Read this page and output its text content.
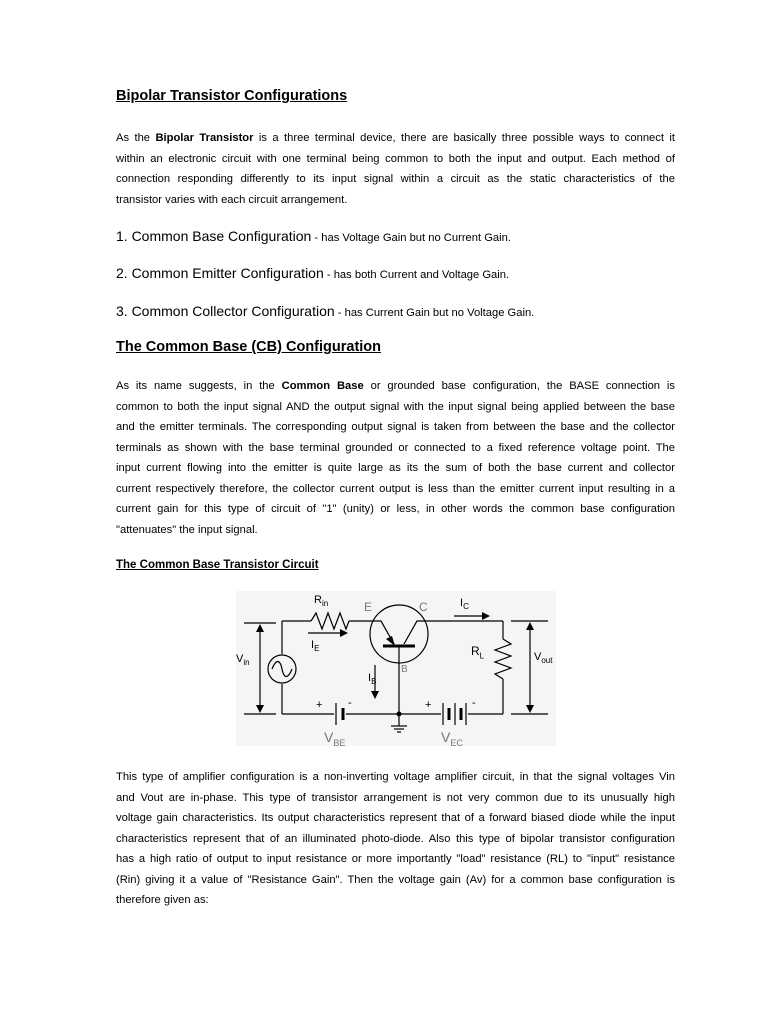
Bipolar Transistor Configurations
As the Bipolar Transistor is a three terminal device, there are basically three possible ways to connect it
within an electronic circuit with one terminal being common to both the input and output. Each method of
connection responding differently to its input signal within a circuit as the static characteristics of the
transistor varies with each circuit arrangement.
1. Common Base Configuration - has Voltage Gain but no Current Gain.
2. Common Emitter Configuration - has both Current and Voltage Gain.
3. Common Collector Configuration - has Current Gain but no Voltage Gain.
The Common Base (CB) Configuration
As its name suggests, in the Common Base or grounded base configuration, the BASE connection is
common to both the input signal AND the output signal with the input signal being applied between the base
and the emitter terminals. The corresponding output signal is taken from between the base and the collector
terminals as shown with the base terminal grounded or connected to a fixed reference voltage point. The
input current flowing into the emitter is quite large as its the sum of both the base current and collector
current respectively therefore, the collector current output is less than the emitter current input resulting in a
current gain for this type of circuit of "1" (unity) or less, in other words the common base configuration
"attenuates" the input signal.
The Common Base Transistor Circuit
This type of amplifier configuration is a non-inverting voltage amplifier circuit, in that the signal voltages Vin
and Vout are in-phase. This type of transistor arrangement is not very common due to its unusually high
voltage gain characteristics. Its output characteristics represent that of a forward biased diode while the input
characteristics represent that of an illuminated photo-diode. Also this type of bipolar transistor configuration
has a high ratio of output to input resistance or more importantly "load" resistance (RL) to "input" resistance
(Rin) giving it a value of "Resistance Gain". Then the voltage gain (Av) for a common base configuration is
therefore given as:
$R_{in}$	E	C	$I_C$
$I_E$
$I_B$
B
$R_L$
$V_{in}$	$V_{out}$
$V_{BE}$	$V_{EC}$
+ -	+	-
